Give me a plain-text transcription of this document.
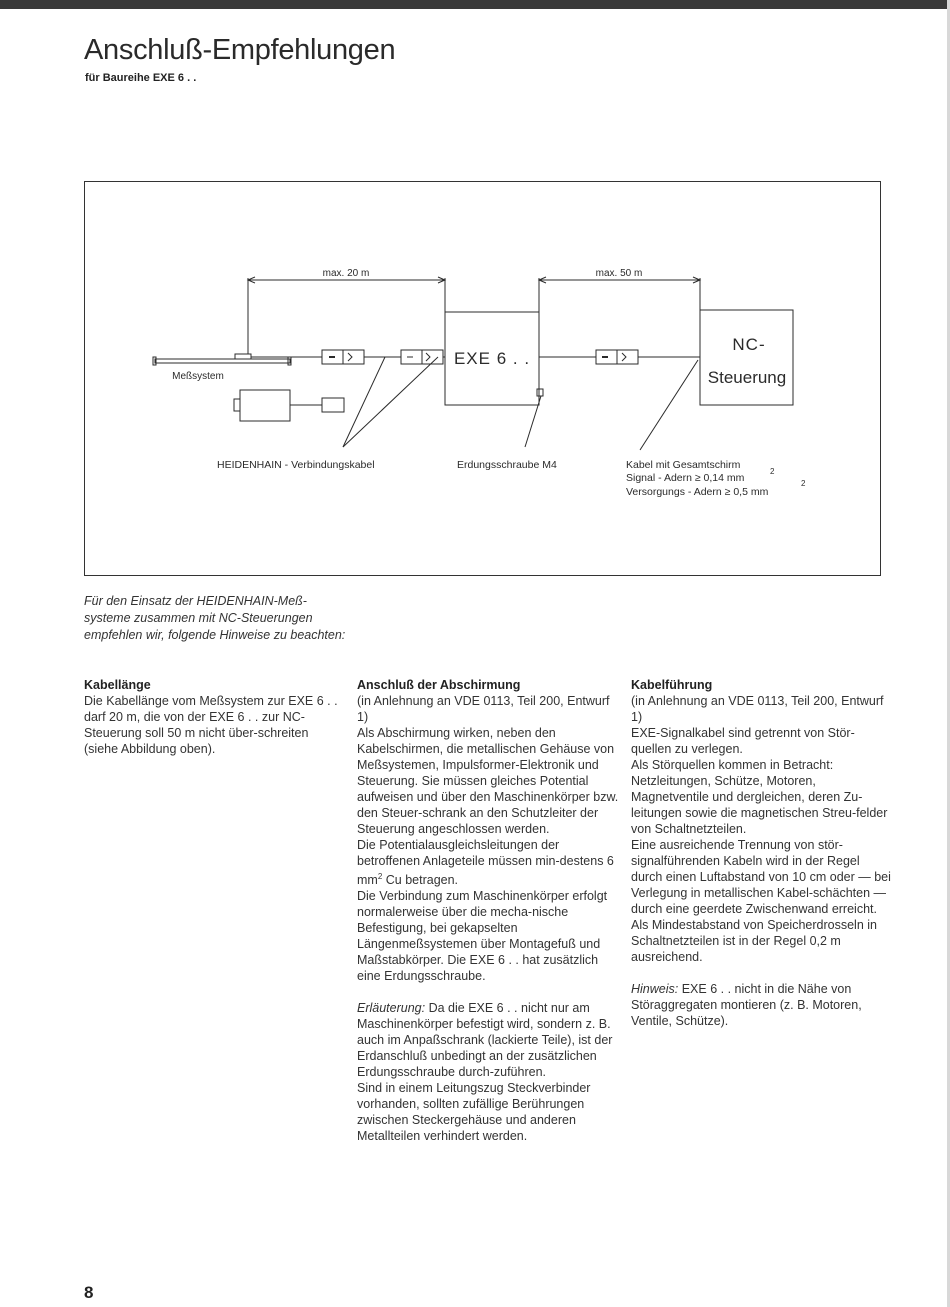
Anschluß-Empfehlungen
für Baureihe EXE 6 . .
max. 20 m	max. 50 m
Meßsystem
EXE 6 . .
NC-
Steuerung
HEIDENHAIN - Verbindungskabel	Erdungsschraube M4	Kabel mit Gesamtschirm
Signal - Adern ≥ 0,14 mm
2
Versorgungs - Adern ≥ 0,5 mm
2
Für den Einsatz der HEIDENHAIN-Meß-systeme zusammen mit NC-Steuerungen empfehlen wir, folgende Hinweise zu beachten:
Kabellänge

Die Kabellänge vom Meßsystem zur EXE 6 . . darf 20 m, die von der EXE 6 . . zur NC-Steuerung soll 50 m nicht über-schreiten (siehe Abbildung oben).

Anschluß der Abschirmung

(in Anlehnung an VDE 0113, Teil 200, Entwurf 1)

Als Abschirmung wirken, neben den Kabelschirmen, die metallischen Gehäuse von Meßsystemen, Impulsformer-Elektronik und Steuerung. Sie müssen gleiches Potential aufweisen und über den Maschinenkörper bzw. den Steuer-schrank an den Schutzleiter der Steuerung angeschlossen werden.

Die Potentialausgleichsleitungen der betroffenen Anlageteile müssen min-destens 6 $mm^2$ Cu betragen.

Die Verbindung zum Maschinenkörper erfolgt normalerweise über die mecha-nische Befestigung, bei gekapselten Längenmeßsystemen über Montagefuß und Maßstabkörper. Die EXE 6 . . hat zusätzlich eine Erdungsschraube.

Erläuterung: Da die EXE 6 . . nicht nur am Maschinenkörper befestigt wird, sondern z. B. auch im Anpaßschrank (lackierte Teile), ist der Erdanschluß unbedingt an der zusätzlichen Erdungsschraube durch-zuführen.

Sind in einem Leitungszug Steckverbinder vorhanden, sollten zufällige Berührungen zwischen Steckergehäuse und anderen Metallteilen verhindert werden.

Kabelführung

(in Anlehnung an VDE 0113, Teil 200, Entwurf 1)

EXE-Signalkabel sind getrennt von Stör-quellen zu verlegen.

Als Störquellen kommen in Betracht: Netzleitungen, Schütze, Motoren, Magnetventile und dergleichen, deren Zu-leitungen sowie die magnetischen Streu-felder von Schaltnetzteilen.

Eine ausreichende Trennung von stör-signalführenden Kabeln wird in der Regel durch einen Luftabstand von 10 cm oder — bei Verlegung in metallischen Kabel-schächten — durch eine geerdete Zwischenwand erreicht.

Als Mindestabstand von Speicherdrosseln in Schaltnetzteilen ist in der Regel 0,2 m ausreichend.

Hinweis: EXE 6 . . nicht in die Nähe von Störaggregaten montieren (z. B. Motoren, Ventile, Schütze).

8
